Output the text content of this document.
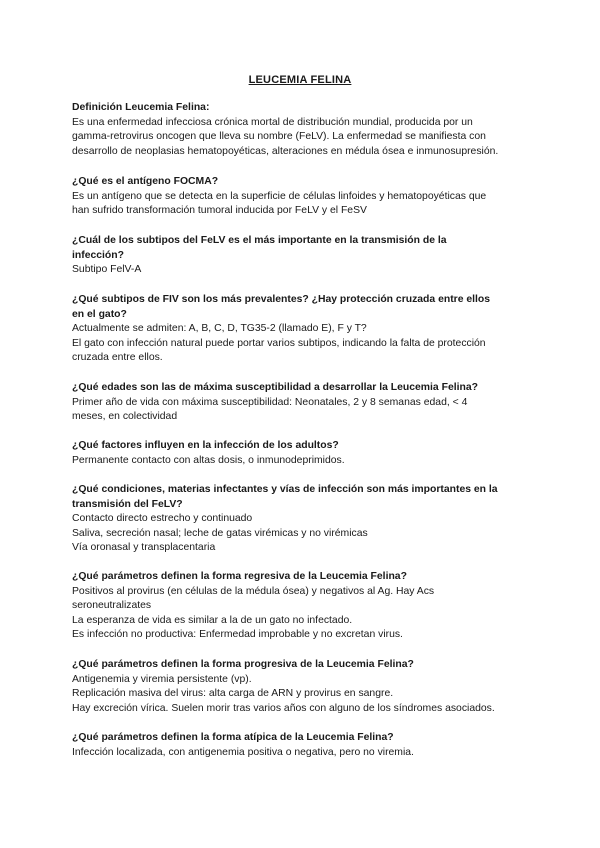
LEUCEMIA FELINA
Definición Leucemia Felina:
Es una enfermedad infecciosa crónica mortal de distribución mundial, producida por un
gamma-retrovirus oncogen que lleva su nombre (FeLV). La enfermedad se manifiesta con
desarrollo de neoplasias hematopoyéticas, alteraciones en médula ósea e inmunosupresión.
¿Qué es el antígeno FOCMA?
Es un antígeno que se detecta en la superficie de células linfoides y hematopoyéticas que
han sufrido transformación tumoral inducida por FeLV y el FeSV
¿Cuál de los subtipos del FeLV es el más importante en la transmisión de la
infección?
Subtipo FelV-A
¿Qué subtipos de FIV son los más prevalentes? ¿Hay protección cruzada entre ellos
en el gato?
Actualmente se admiten: A, B, C, D, TG35-2 (llamado E), F y T?
El gato con infección natural puede portar varios subtipos, indicando la falta de protección
cruzada entre ellos.
¿Qué edades son las de máxima susceptibilidad a desarrollar la Leucemia Felina?
Primer año de vida con máxima susceptibilidad: Neonatales, 2 y 8 semanas edad, < 4
meses, en colectividad
¿Qué factores influyen en la infección de los adultos?
Permanente contacto con altas dosis, o inmunodeprimidos.
¿Qué condiciones, materias infectantes y vías de infección son más importantes en la
transmisión del FeLV?
Contacto directo estrecho y continuado
Saliva, secreción nasal; leche de gatas virémicas y no virémicas
Vía oronasal y transplacentaria
¿Qué parámetros definen la forma regresiva de la Leucemia Felina?
Positivos al provirus (en células de la médula ósea) y negativos al Ag. Hay Acs
seroneutralizates
La esperanza de vida es similar a la de un gato no infectado.
Es infección no productiva: Enfermedad improbable y no excretan virus.
¿Qué parámetros definen la forma progresiva de la Leucemia Felina?
Antigenemia y viremia persistente (vp).
Replicación masiva del virus: alta carga de ARN y provirus en sangre.
Hay excreción vírica. Suelen morir tras varios años con alguno de los síndromes asociados.
¿Qué parámetros definen la forma atípica de la Leucemia Felina?
Infección localizada, con antigenemia positiva o negativa, pero no viremia.
